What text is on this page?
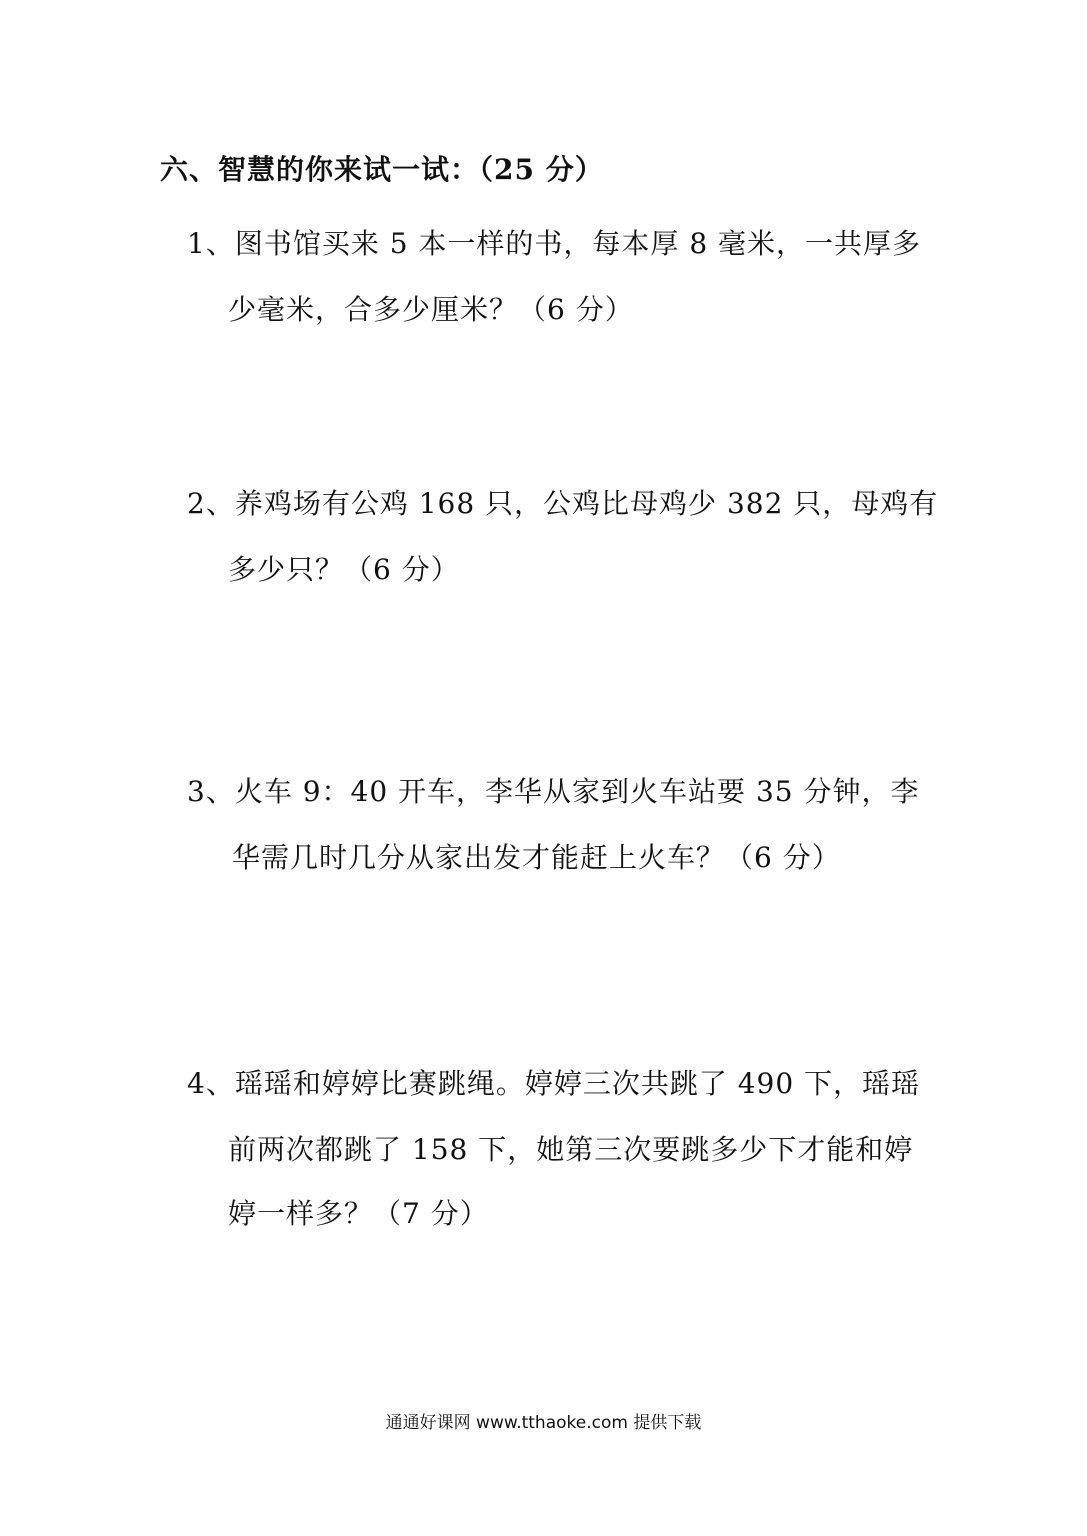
六、智慧的你来试一试：（25 分）
1、图书馆买来 5 本一样的书，每本厚 8 毫米，一共厚多
少毫米，合多少厘米？（6 分）
2、养鸡场有公鸡 168 只，公鸡比母鸡少 382 只，母鸡有
多少只？（6 分）
3、火车 9：40 开车，李华从家到火车站要 35 分钟，李
华需几时几分从家出发才能赶上火车？（6 分）
4、瑶瑶和婷婷比赛跳绳。婷婷三次共跳了 490 下，瑶瑶
前两次都跳了 158 下，她第三次要跳多少下才能和婷
婷一样多？（7 分）
通通好课网 www.tthaoke.com 提供下载
